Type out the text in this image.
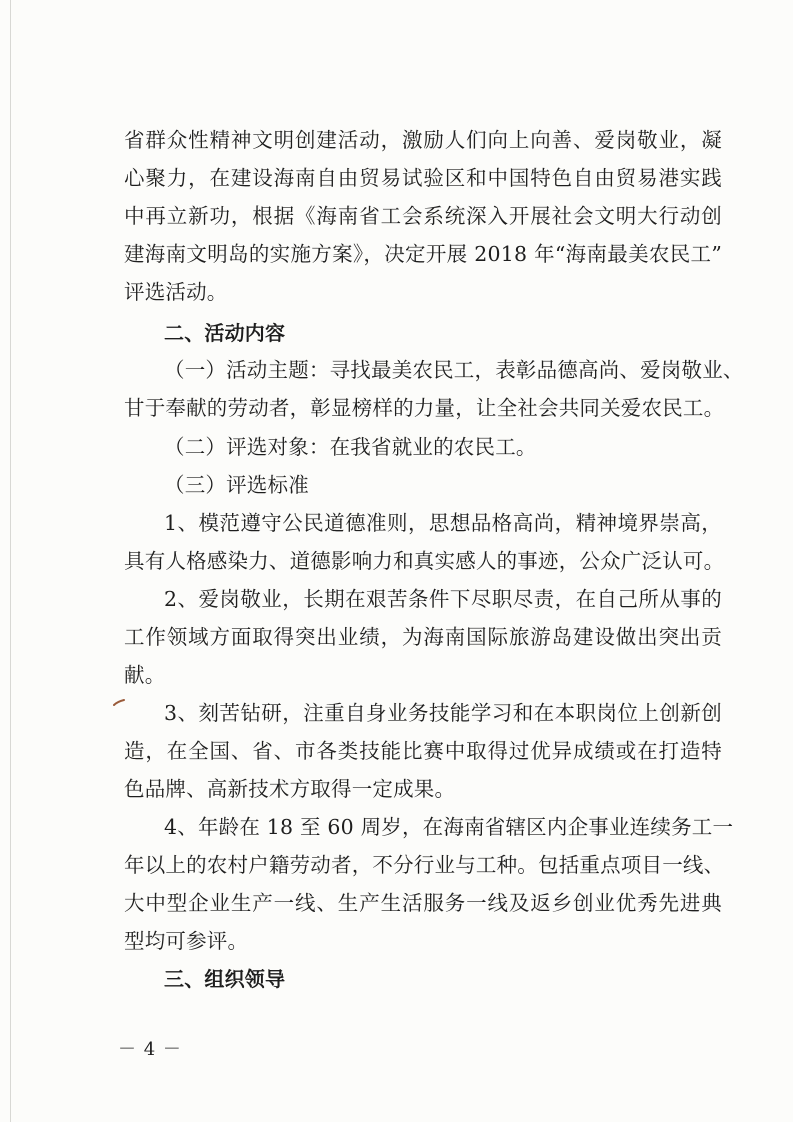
省群众性精神文明创建活动，激励人们向上向善、爱岗敬业，凝
心聚力，在建设海南自由贸易试验区和中国特色自由贸易港实践
中再立新功，根据《海南省工会系统深入开展社会文明大行动创
建海南文明岛的实施方案》，决定开展 2018 年“海南最美农民工”
评选活动。
二、活动内容
（一）活动主题：寻找最美农民工，表彰品德高尚、爱岗敬业、
甘于奉献的劳动者，彰显榜样的力量，让全社会共同关爱农民工。
（二）评选对象：在我省就业的农民工。
（三）评选标准
1、模范遵守公民道德准则，思想品格高尚，精神境界崇高，
具有人格感染力、道德影响力和真实感人的事迹，公众广泛认可。
2、爱岗敬业，长期在艰苦条件下尽职尽责，在自己所从事的
工作领域方面取得突出业绩，为海南国际旅游岛建设做出突出贡
献。
3、刻苦钻研，注重自身业务技能学习和在本职岗位上创新创
造，在全国、省、市各类技能比赛中取得过优异成绩或在打造特
色品牌、高新技术方取得一定成果。
4、年龄在 18 至 60 周岁，在海南省辖区内企事业连续务工一
年以上的农村户籍劳动者，不分行业与工种。包括重点项目一线、
大中型企业生产一线、生产生活服务一线及返乡创业优秀先进典
型均可参评。
三、组织领导
－ 4 －
